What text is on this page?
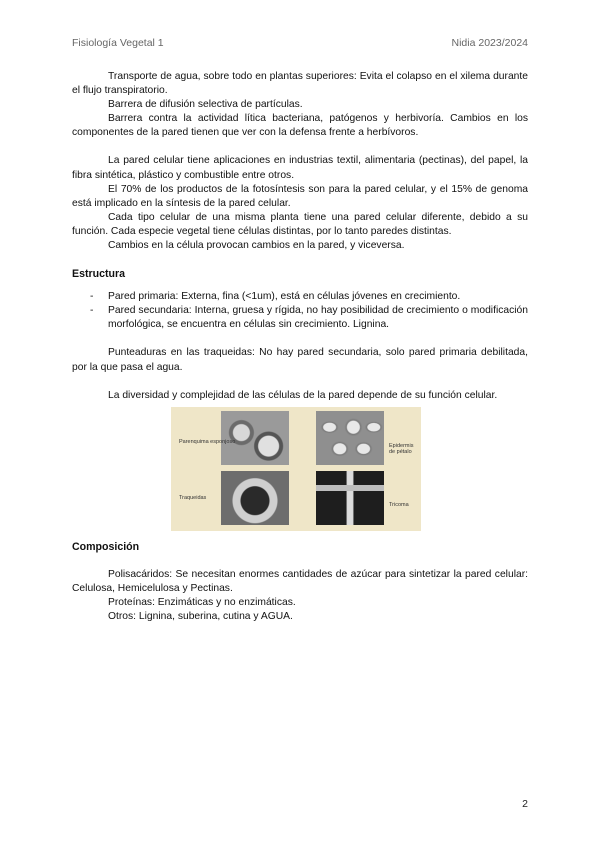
Fisiología Vegetal 1	Nidia 2023/2024

Transporte de agua, sobre todo en plantas superiores: Evita el colapso en el xilema durante el flujo transpiratorio.

Barrera de difusión selectiva de partículas.

Barrera contra la actividad lítica bacteriana, patógenos y herbivoría. Cambios en los componentes de la pared tienen que ver con la defensa frente a herbívoros.

La pared celular tiene aplicaciones en industrias textil, alimentaria (pectinas), del papel, la fibra sintética, plástico y combustible entre otros.

El 70% de los productos de la fotosíntesis son para la pared celular, y el 15% de genoma está implicado en la síntesis de la pared celular.

Cada tipo celular de una misma planta tiene una pared celular diferente, debido a su función. Cada especie vegetal tiene células distintas, por lo tanto paredes distintas.

Cambios en la célula provocan cambios en la pared, y viceversa.

Estructura
- Pared primaria: Externa, fina (<1um), está en células jóvenes en crecimiento.
- Pared secundaria: Interna, gruesa y rígida, no hay posibilidad de crecimiento o modificación morfológica, se encuentra en células sin crecimiento. Lignina.

Punteaduras en las traqueidas: No hay pared secundaria, solo pared primaria debilitada, por la que pasa el agua.

La diversidad y complejidad de las células de la pared depende de su función celular.

Parenquima esponjoso
Epidermis de pétalo
Traqueidas
Tricoma
Composición

Polisacáridos: Se necesitan enormes cantidades de azúcar para sintetizar la pared celular: Celulosa, Hemicelulosa y Pectinas.

Proteínas: Enzimáticas y no enzimáticas.

Otros: Lignina, suberina, cutina y AGUA.

2
